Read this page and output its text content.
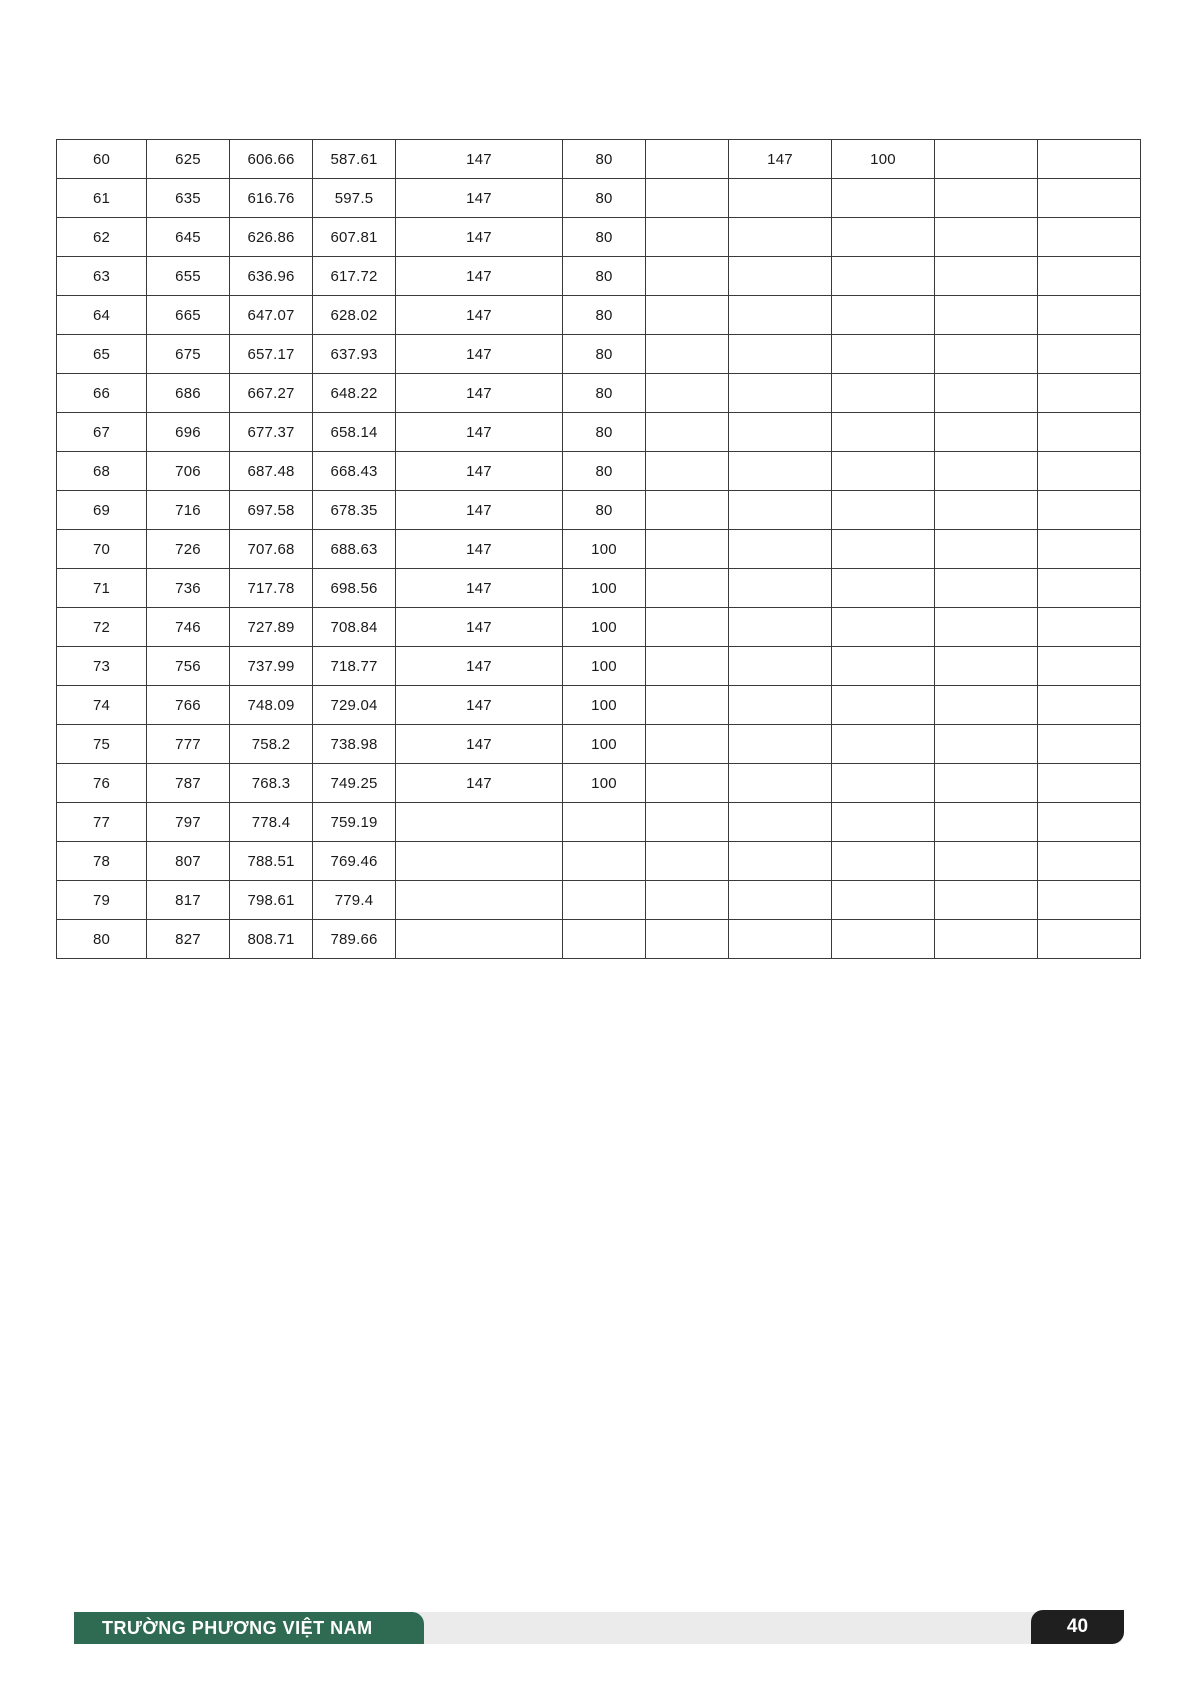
60	625	606.66	587.61	147	80		147	100		
61	635	616.76	597.5	147	80					
62	645	626.86	607.81	147	80					
63	655	636.96	617.72	147	80					
64	665	647.07	628.02	147	80					
65	675	657.17	637.93	147	80					
66	686	667.27	648.22	147	80					
67	696	677.37	658.14	147	80					
68	706	687.48	668.43	147	80					
69	716	697.58	678.35	147	80					
70	726	707.68	688.63	147	100					
71	736	717.78	698.56	147	100					
72	746	727.89	708.84	147	100					
73	756	737.99	718.77	147	100					
74	766	748.09	729.04	147	100					
75	777	758.2	738.98	147	100					
76	787	768.3	749.25	147	100					
77	797	778.4	759.19							
78	807	788.51	769.46							
79	817	798.61	779.4							
80	827	808.71	789.66							
TRƯỜNG PHƯƠNG VIỆT NAM	40
